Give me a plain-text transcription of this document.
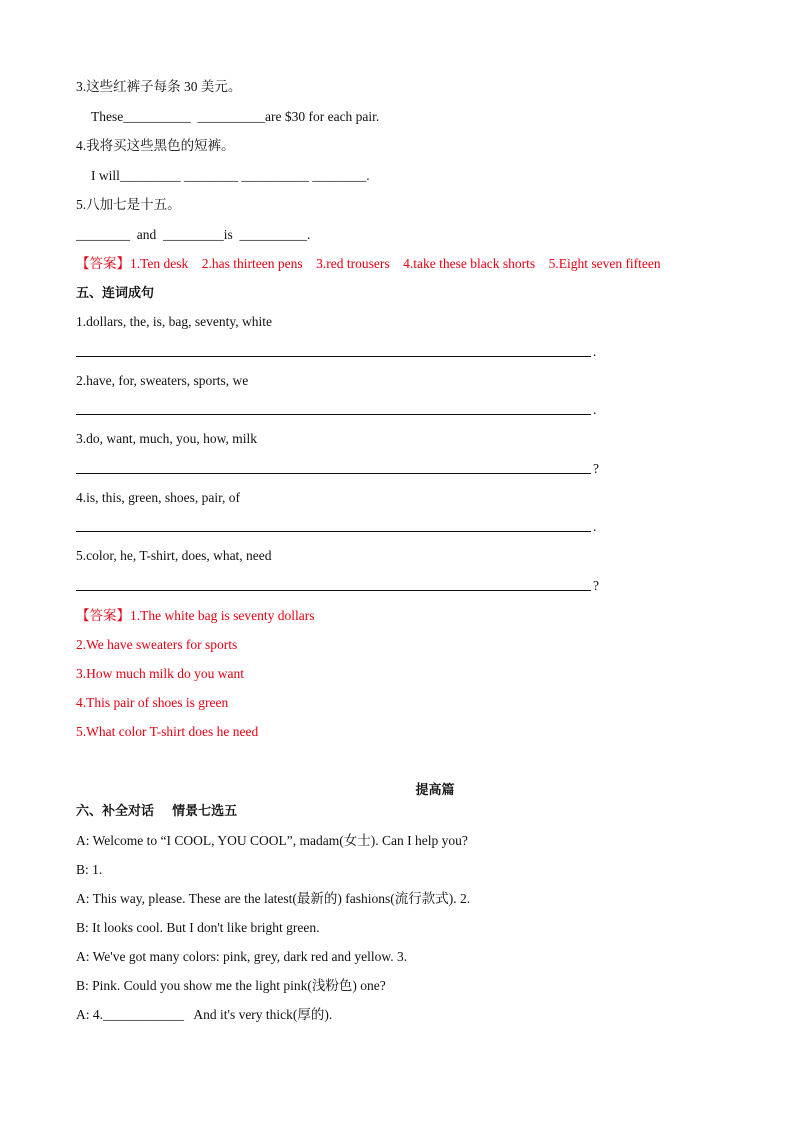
3.这些红裤子每条 30 美元。
These__________  __________are $30 for each pair.
4.我将买这些黑色的短裤。
I will_________ ________ __________ ________.
5.八加七是十五。
________  and  _________is  __________.
【答案】1.Ten desk    2.has thirteen pens    3.red trousers    4.take these black shorts    5.Eight seven fifteen
五、连词成句
1.dollars, the, is, bag, seventy, white
.
2.have, for, sweaters, sports, we
.
3.do, want, much, you, how, milk
?
4.is, this, green, shoes, pair, of
.
5.color, he, T-shirt, does, what, need
?
【答案】1.The white bag is seventy dollars
2.We have sweaters for sports
3.How much milk do you want
4.This pair of shoes is green
5.What color T-shirt does he need
提高篇
六、补全对话    情景七选五
A: Welcome to “I COOL, YOU COOL”, madam(女士). Can I help you?
B: 1.
A: This way, please. These are the latest(最新的) fashions(流行款式). 2.
B: It looks cool. But I don't like bright green.
A: We've got many colors: pink, grey, dark red and yellow. 3.
B: Pink. Could you show me the light pink(浅粉色) one?
A: 4.____________   And it's very thick(厚的).
